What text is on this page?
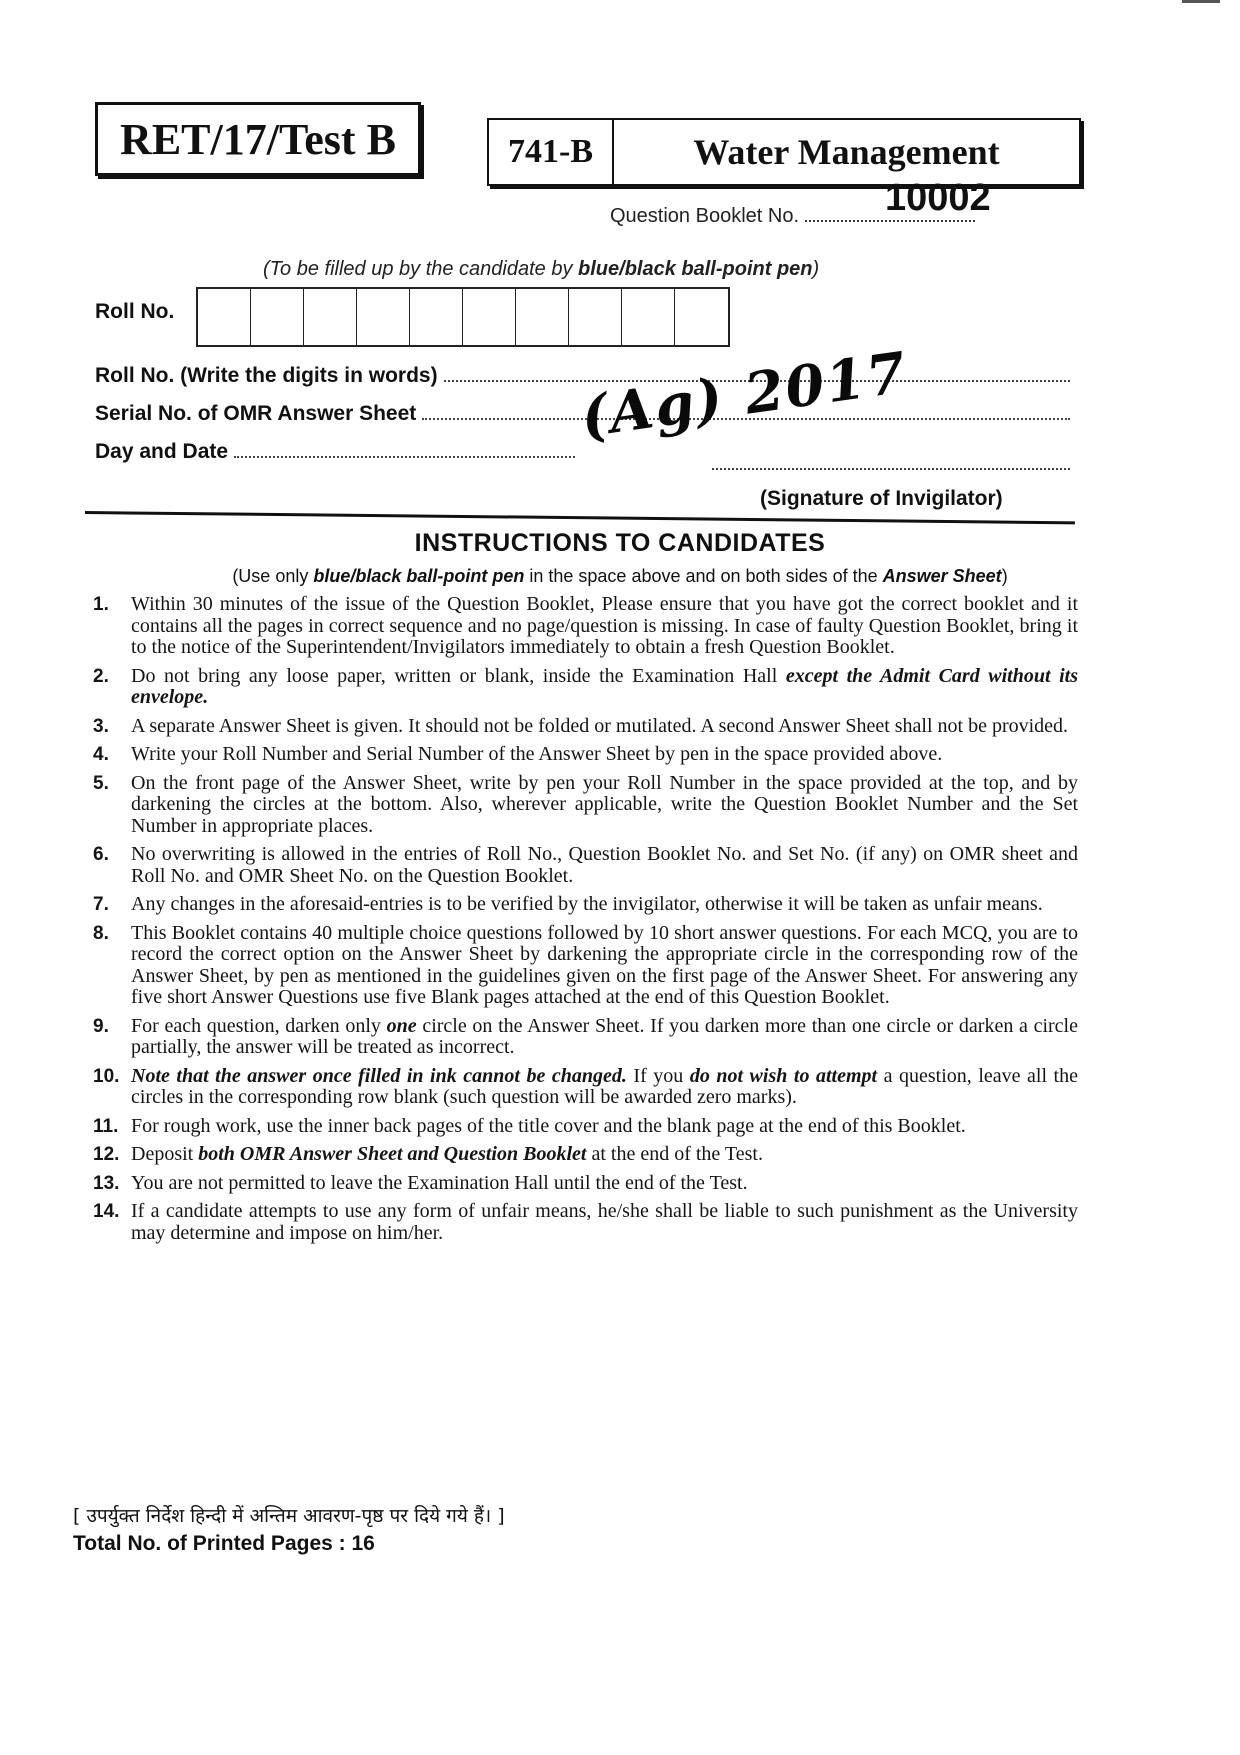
RET/17/Test B	741-B	Water Management
Question Booklet No. 10002
(To be filled up by the candidate by blue/black ball-point pen)
Roll No.
Roll No. (Write the digits in words)
Serial No. of OMR Answer Sheet
Day and Date
(Ag) 2017
(Signature of Invigilator)
INSTRUCTIONS TO CANDIDATES
(Use only blue/black ball-point pen in the space above and on both sides of the Answer Sheet)
1.	Within 30 minutes of the issue of the Question Booklet, Please ensure that you have got the correct booklet and it contains all the pages in correct sequence and no page/question is missing. In case of faulty Question Booklet, bring it to the notice of the Superintendent/Invigilators immediately to obtain a fresh Question Booklet.
2.	Do not bring any loose paper, written or blank, inside the Examination Hall except the Admit Card without its envelope.
3.	A separate Answer Sheet is given. It should not be folded or mutilated. A second Answer Sheet shall not be provided.
4.	Write your Roll Number and Serial Number of the Answer Sheet by pen in the space provided above.
5.	On the front page of the Answer Sheet, write by pen your Roll Number in the space provided at the top, and by darkening the circles at the bottom. Also, wherever applicable, write the Question Booklet Number and the Set Number in appropriate places.
6.	No overwriting is allowed in the entries of Roll No., Question Booklet No. and Set No. (if any) on OMR sheet and Roll No. and OMR Sheet No. on the Question Booklet.
7.	Any changes in the aforesaid-entries is to be verified by the invigilator, otherwise it will be taken as unfair means.
8.	This Booklet contains 40 multiple choice questions followed by 10 short answer questions. For each MCQ, you are to record the correct option on the Answer Sheet by darkening the appropriate circle in the corresponding row of the Answer Sheet, by pen as mentioned in the guidelines given on the first page of the Answer Sheet. For answering any five short Answer Questions use five Blank pages attached at the end of this Question Booklet.
9.	For each question, darken only one circle on the Answer Sheet. If you darken more than one circle or darken a circle partially, the answer will be treated as incorrect.
10. Note that the answer once filled in ink cannot be changed. If you do not wish to attempt a question, leave all the circles in the corresponding row blank (such question will be awarded zero marks).
11. For rough work, use the inner back pages of the title cover and the blank page at the end of this Booklet.
12. Deposit both OMR Answer Sheet and Question Booklet at the end of the Test.
13. You are not permitted to leave the Examination Hall until the end of the Test.
14. If a candidate attempts to use any form of unfair means, he/she shall be liable to such punishment as the University may determine and impose on him/her.
[ उपर्युक्त निर्देश हिन्दी में अन्तिम आवरण-पृष्ठ पर दिये गये हैं। ]
Total No. of Printed Pages : 16
